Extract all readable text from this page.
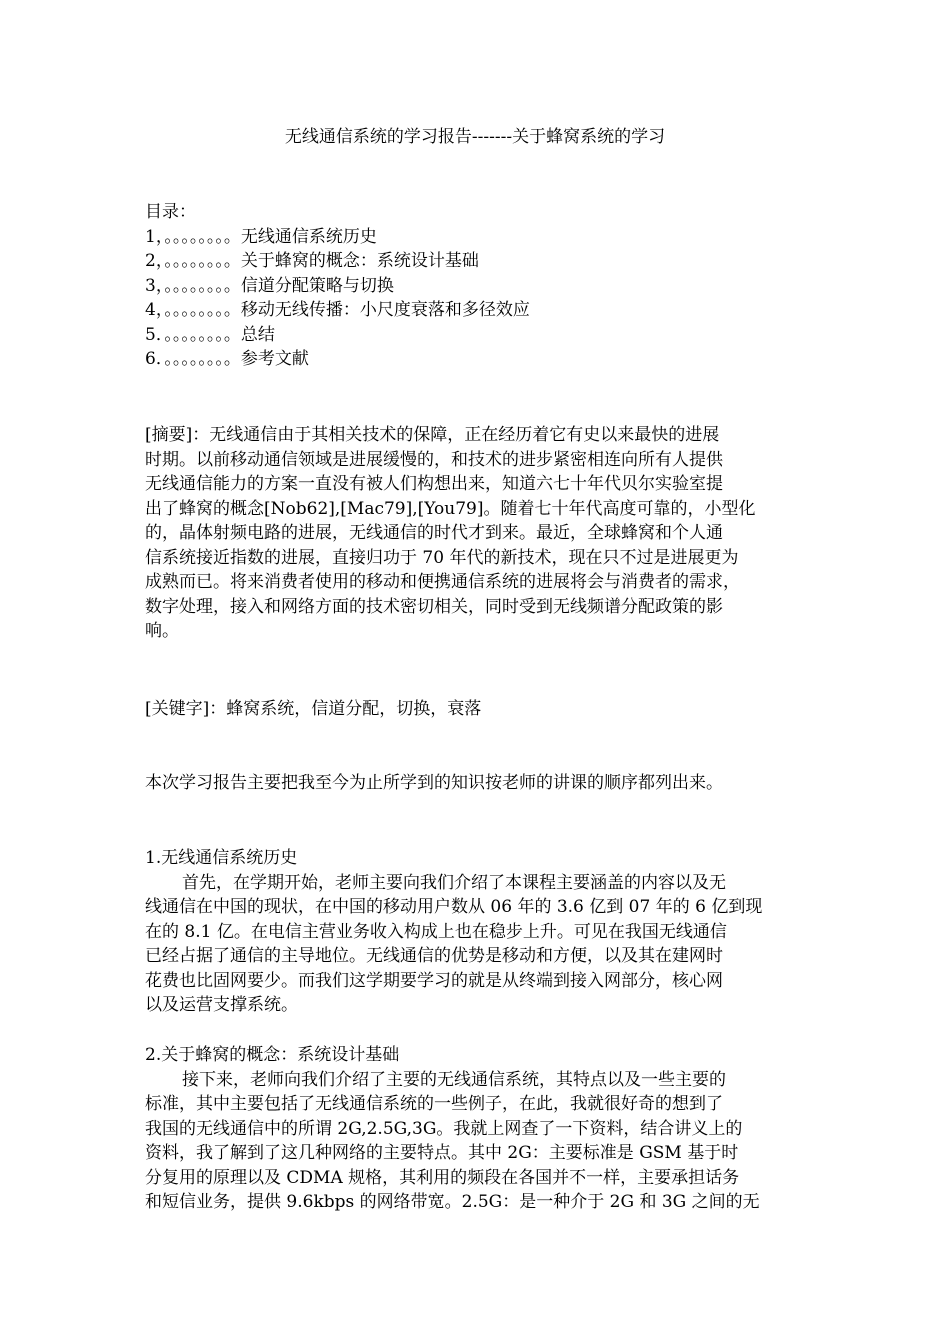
无线通信系统的学习报告-------关于蜂窝系统的学习
目录：
1，。。。。。。。。无线通信系统历史
2，。。。。。。。。关于蜂窝的概念：系统设计基础
3，。。。。。。。。信道分配策略与切换
4，。。。。。。。。移动无线传播：小尺度衰落和多径效应
5．。。。。。。。。总结
6．。。。。。。。。参考文献
[摘要]：无线通信由于其相关技术的保障，正在经历着它有史以来最快的进展
时期。以前移动通信领域是进展缓慢的，和技术的进步紧密相连向所有人提供
无线通信能力的方案一直没有被人们构想出来，知道六七十年代贝尔实验室提
出了蜂窝的概念[Nob62],[Mac79],[You79]。随着七十年代高度可靠的，小型化
的，晶体射频电路的进展，无线通信的时代才到来。最近，全球蜂窝和个人通
信系统接近指数的进展，直接归功于 70 年代的新技术，现在只不过是进展更为
成熟而已。将来消费者使用的移动和便携通信系统的进展将会与消费者的需求，
数字处理，接入和网络方面的技术密切相关，同时受到无线频谱分配政策的影
响。
[关键字]：蜂窝系统，信道分配，切换，衰落
本次学习报告主要把我至今为止所学到的知识按老师的讲课的顺序都列出来。
1.无线通信系统历史
首先，在学期开始，老师主要向我们介绍了本课程主要涵盖的内容以及无
线通信在中国的现状，在中国的移动用户数从 06 年的 3.6 亿到 07 年的 6 亿到现
在的 8.1 亿。在电信主营业务收入构成上也在稳步上升。可见在我国无线通信
已经占据了通信的主导地位。无线通信的优势是移动和方便，以及其在建网时
花费也比固网要少。而我们这学期要学习的就是从终端到接入网部分，核心网
以及运营支撑系统。
2.关于蜂窝的概念：系统设计基础
接下来，老师向我们介绍了主要的无线通信系统，其特点以及一些主要的
标准，其中主要包括了无线通信系统的一些例子，在此，我就很好奇的想到了
我国的无线通信中的所谓 2G,2.5G,3G。我就上网查了一下资料，结合讲义上的
资料，我了解到了这几种网络的主要特点。其中 2G：主要标准是 GSM 基于时
分复用的原理以及 CDMA 规格，其利用的频段在各国并不一样，主要承担话务
和短信业务，提供 9.6kbps 的网络带宽。2.5G：是一种介于 2G 和 3G 之间的无
